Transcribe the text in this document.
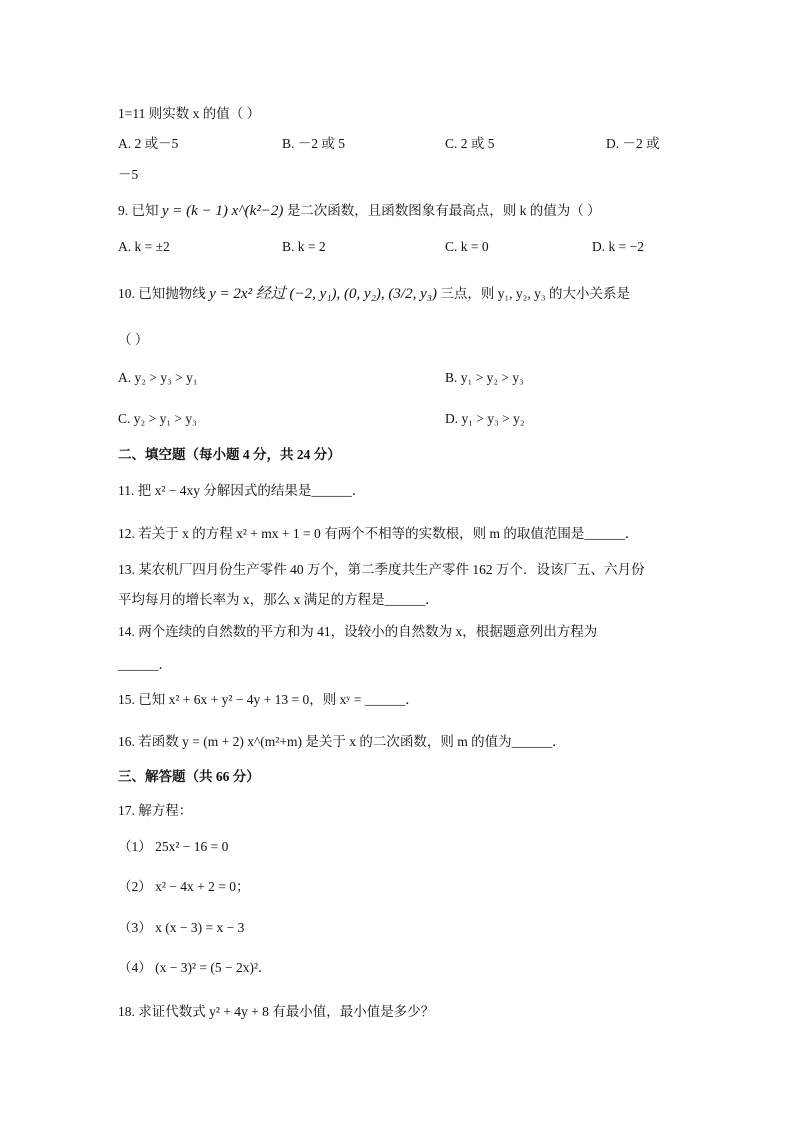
1=11 则实数 x 的值（ ）
A. 2 或－5	B. －2 或 5	C. 2 或 5	D. －2 或
－5
9. 已知 y = (k − 1) x^(k²−2) 是二次函数，且函数图象有最高点，则 k 的值为（ ）
A. k = ±2	B. k = 2	C. k = 0	D. k = −2
10. 已知抛物线 y = 2x² 经过 (−2, y₁), (0, y₂), (3/2, y₃) 三点，则 y₁, y₂, y₃ 的大小关系是
（ ）
A. y₂ > y₃ > y₁	B. y₁ > y₂ > y₃
C. y₂ > y₁ > y₃	D. y₁ > y₃ > y₂
二、填空题（每小题 4 分，共 24 分）
11. 把 x² − 4xy 分解因式的结果是______．
12. 若关于 x 的方程 x² + mx + 1 = 0 有两个不相等的实数根，则 m 的取值范围是______．
13. 某农机厂四月份生产零件 40 万个，第二季度共生产零件 162 万个．设该厂五、六月份
平均每月的增长率为 x，那么 x 满足的方程是______．
14. 两个连续的自然数的平方和为 41，设较小的自然数为 x，根据题意列出方程为
______．
15. 已知 x² + 6x + y² − 4y + 13 = 0，则 xʸ = ______．
16. 若函数 y = (m + 2) x^(m²+m) 是关于 x 的二次函数，则 m 的值为______．
三、解答题（共 66 分）
17. 解方程：
（1） 25x² − 16 = 0
（2） x² − 4x + 2 = 0；
（3） x (x − 3) = x − 3
（4） (x − 3)² = (5 − 2x)²．
18. 求证代数式 y² + 4y + 8 有最小值，最小值是多少？
